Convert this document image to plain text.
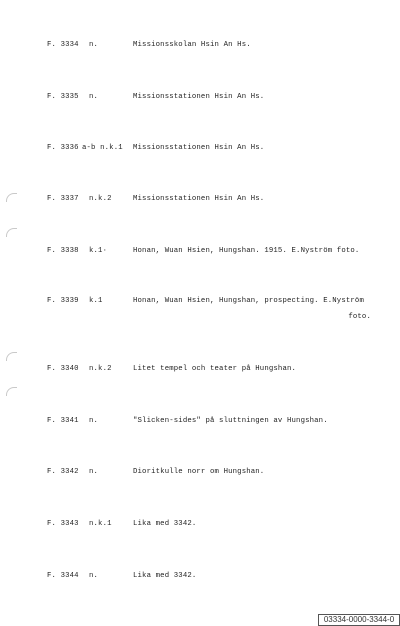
F. 3334 n.	Missionsskolan Hsin An Hs.
F. 3335 n.	Missionsstationen Hsin An Hs.
F. 3336 a-b n.k.1 Missionsstationen Hsin An Hs.
F. 3337 n.k.2	Missionsstationen Hsin An Hs.
F. 3338 k.1·	Honan, Wuan Hsien, Hungshan. 1915. E.Nyström foto.
F. 3339 k.1	Honan, Wuan Hsien, Hungshan, prospecting. E.Nyström
foto.
F. 3340 n.k.2	Litet tempel och teater på Hungshan.
F. 3341 n.	"Slicken-sides" på sluttningen av Hungshan.
F. 3342 n.	Dioritkulle norr om Hungshan.
F. 3343 n.k.1	Lika med 3342.
F. 3344 n.	Lika med 3342.
03334-0000-3344-0
